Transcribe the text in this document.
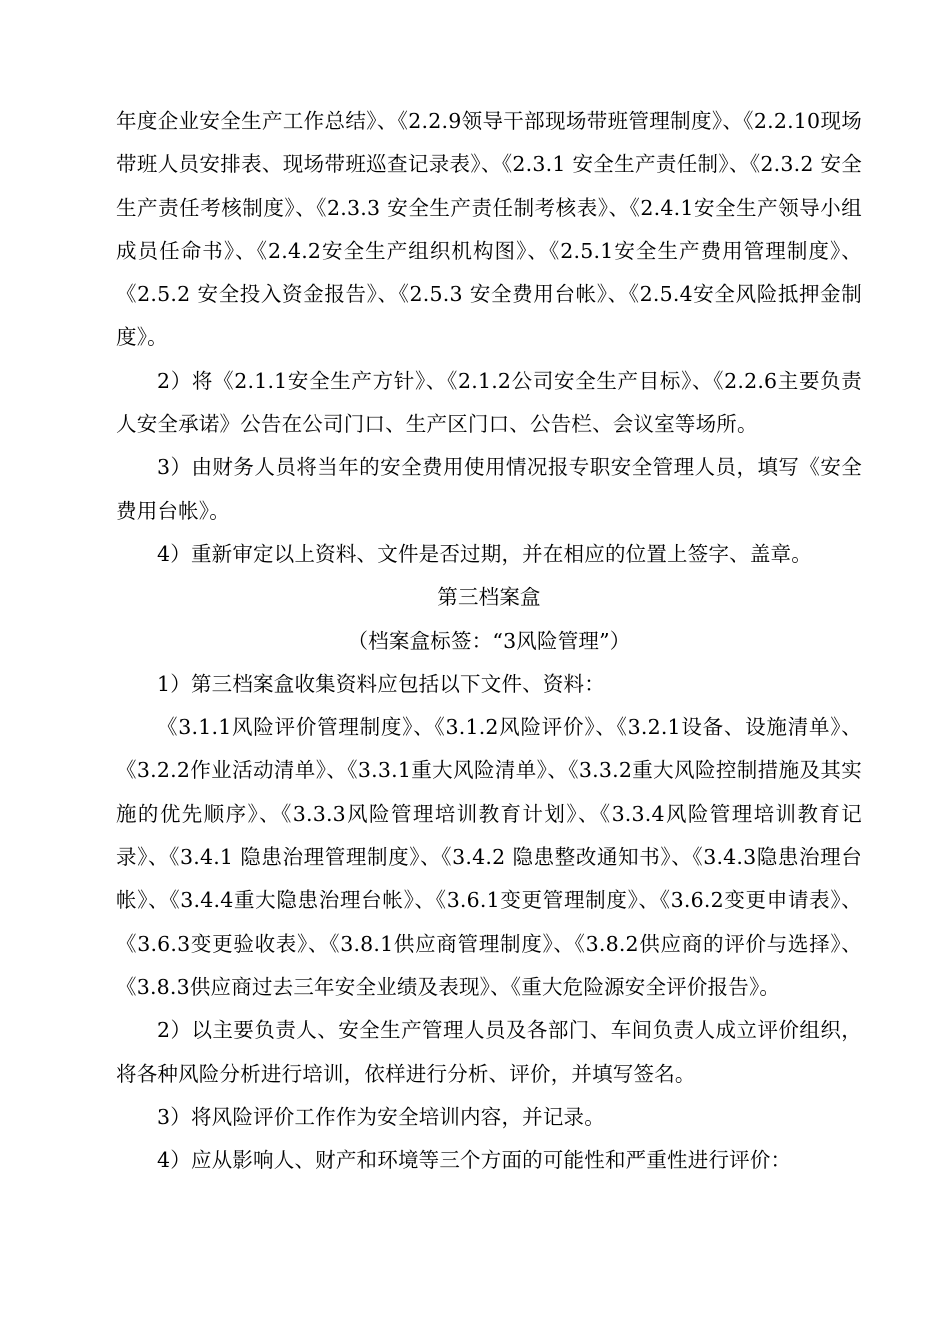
年度企业安全生产工作总结》、《2.2.9领导干部现场带班管理制度》、《2.2.10现场带班人员安排表、现场带班巡查记录表》、《2.3.1 安全生产责任制》、《2.3.2 安全生产责任考核制度》、《2.3.3 安全生产责任制考核表》、《2.4.1安全生产领导小组成员任命书》、《2.4.2安全生产组织机构图》、《2.5.1安全生产费用管理制度》、《2.5.2 安全投入资金报告》、《2.5.3 安全费用台帐》、《2.5.4安全风险抵押金制度》。

2）将《2.1.1安全生产方针》、《2.1.2公司安全生产目标》、《2.2.6主要负责人安全承诺》公告在公司门口、生产区门口、公告栏、会议室等场所。

3）由财务人员将当年的安全费用使用情况报专职安全管理人员，填写《安全费用台帐》。

4）重新审定以上资料、文件是否过期，并在相应的位置上签字、盖章。

第三档案盒

（档案盒标签：“3风险管理”）

1）第三档案盒收集资料应包括以下文件、资料：

《3.1.1风险评价管理制度》、《3.1.2风险评价》、《3.2.1设备、设施清单》、《3.2.2作业活动清单》、《3.3.1重大风险清单》、《3.3.2重大风险控制措施及其实施的优先顺序》、《3.3.3风险管理培训教育计划》、《3.3.4风险管理培训教育记录》、《3.4.1 隐患治理管理制度》、《3.4.2 隐患整改通知书》、《3.4.3隐患治理台帐》、《3.4.4重大隐患治理台帐》、《3.6.1变更管理制度》、《3.6.2变更申请表》、《3.6.3变更验收表》、《3.8.1供应商管理制度》、《3.8.2供应商的评价与选择》、《3.8.3供应商过去三年安全业绩及表现》、《重大危险源安全评价报告》。

2）以主要负责人、安全生产管理人员及各部门、车间负责人成立评价组织，将各种风险分析进行培训，依样进行分析、评价，并填写签名。

3）将风险评价工作作为安全培训内容，并记录。

4）应从影响人、财产和环境等三个方面的可能性和严重性进行评价：
